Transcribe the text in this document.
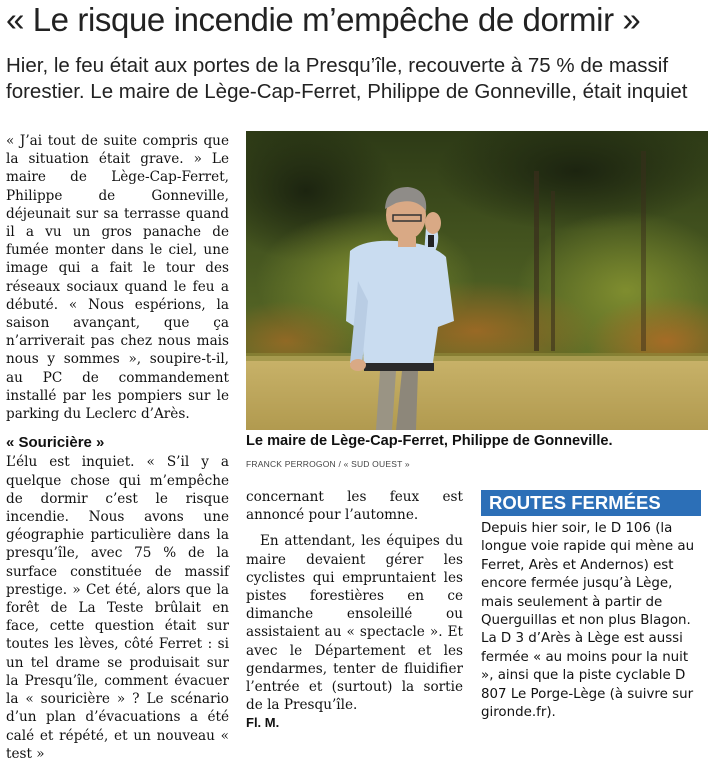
« Le risque incendie m’empêche de dormir »
Hier, le feu était aux portes de la Presqu’île, recouverte à 75 % de massif forestier. Le maire de Lège-Cap-Ferret, Philippe de Gonneville, était inquiet

« J’ai tout de suite compris que la situation était grave. » Le maire de Lège-Cap-Ferret, Philippe de Gonneville, déjeunait sur sa terrasse quand il a vu un gros panache de fumée monter dans le ciel, une image qui a fait le tour des réseaux sociaux quand le feu a débuté. « Nous espérions, la saison avançant, que ça n’arriverait pas chez nous mais nous y sommes », soupire-t-il, au PC de commandement installé par les pompiers sur le parking du Leclerc d’Arès.

« Souricière »

L’élu est inquiet. « S’il y a quelque chose qui m’empêche de dormir c’est le risque incendie. Nous avons une géographie particulière dans la presqu’île, avec 75 % de la surface constituée de massif prestige. » Cet été, alors que la forêt de La Teste brûlait en face, cette question était sur toutes les lèves, côté Ferret : si un tel drame se produisait sur la Presqu’île, comment évacuer la « souricière » ? Le scénario d’un plan d’évacuations a été calé et répété, et un nouveau « test »

Le maire de Lège-Cap-Ferret, Philippe de Gonneville.
FRANCK PERROGON / « SUD OUEST »

concernant les feux est annoncé pour l’automne.

En attendant, les équipes du maire devaient gérer les cyclistes qui empruntaient les pistes forestières en ce dimanche ensoleillé ou assistaient au « spectacle ». Et avec le Département et les gendarmes, tenter de fluidifier l’entrée et (surtout) la sortie de la Presqu’île.

Fl. M.
ROUTES FERMÉES
Depuis hier soir, le D 106 (la longue voie rapide qui mène au Ferret, Arès et Andernos) est encore fermée jusqu’à Lège, mais seulement à partir de Querguillas et non plus Blagon. La D 3 d’Arès à Lège est aussi fermée « au moins pour la nuit », ainsi que la piste cyclable D 807 Le Porge-Lège (à suivre sur gironde.fr).
